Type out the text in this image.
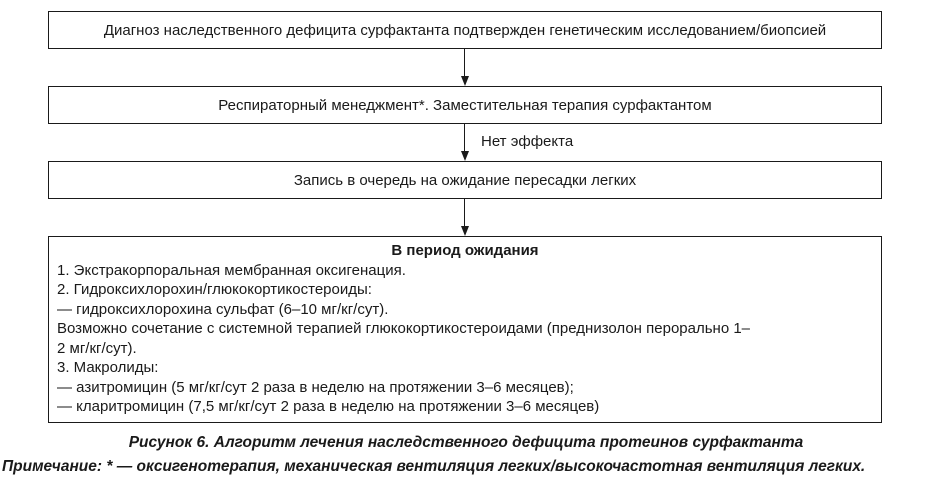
Диагноз наследственного дефицита сурфактанта подтвержден генетическим исследованием/биопсией
Респираторный менеджмент*. Заместительная терапия сурфактантом
Нет эффекта
Запись в очередь на ожидание пересадки легких
В период ожидания
1. Экстракорпоральная мембранная оксигенация.
2. Гидроксихлорохин/глюкокортикостероиды:
— гидроксихлорохина сульфат (6–10 мг/кг/сут).
Возможно сочетание с системной терапией глюкокортикостероидами (преднизолон перорально 1–
2 мг/кг/сут).
3. Макролиды:
— азитромицин (5 мг/кг/сут 2 раза в неделю на протяжении 3–6 месяцев);
— кларитромицин (7,5 мг/кг/сут 2 раза в неделю на протяжении 3–6 месяцев)
Рисунок 6. Алгоритм лечения наследственного дефицита протеинов сурфактанта
Примечание: * — оксигенотерапия, механическая вентиляция легких/высокочастотная вентиляция легких.
